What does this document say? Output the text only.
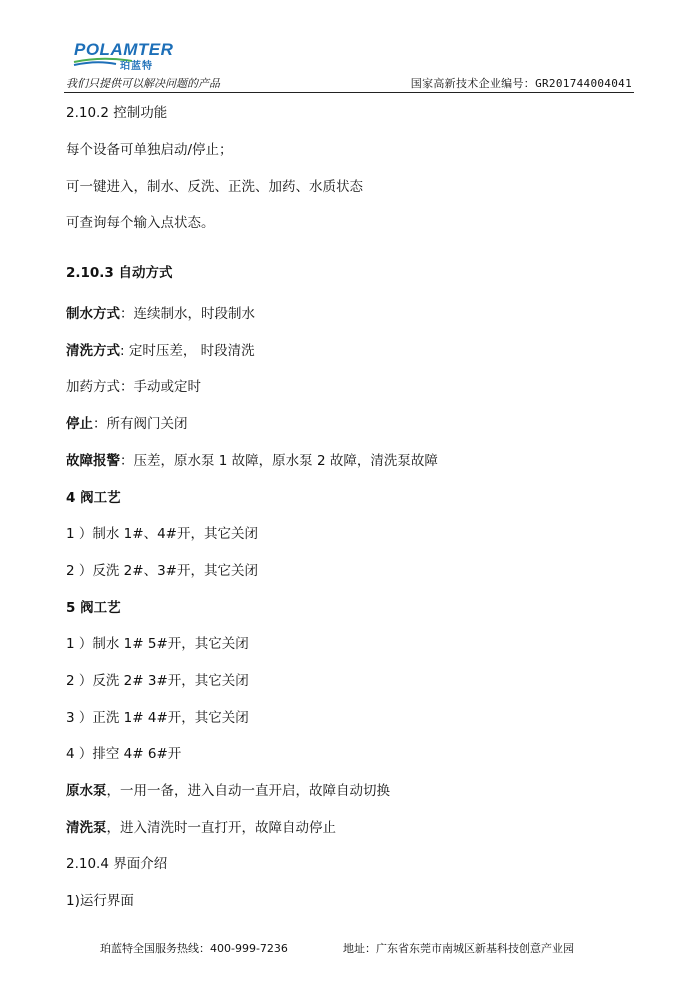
POLAMTER
珀蓝特
我们只提供可以解决问题的产品	国家高新技术企业编号：GR201744004041
2.10.2 控制功能
每个设备可单独启动/停止；
可一键进入，制水、反洗、正洗、加药、水质状态
可查询每个输入点状态。
2.10.3 自动方式
制水方式：连续制水，时段制水
清洗方式: 定时压差， 时段清洗
加药方式：手动或定时
停止：所有阀门关闭
故障报警：压差，原水泵 1 故障，原水泵 2 故障，清洗泵故障
4 阀工艺
1 ）制水 1#、4#开，其它关闭
2 ）反洗 2#、3#开，其它关闭
5 阀工艺
1 ）制水 1# 5#开，其它关闭
2 ）反洗 2# 3#开，其它关闭
3 ）正洗 1# 4#开，其它关闭
4 ）排空 4# 6#开
原水泵，一用一备，进入自动一直开启，故障自动切换
清洗泵，进入清洗时一直打开，故障自动停止
2.10.4 界面介绍
1)运行界面
珀蓝特全国服务热线：400-999-7236	地址：广东省东莞市南城区新基科技创意产业园
